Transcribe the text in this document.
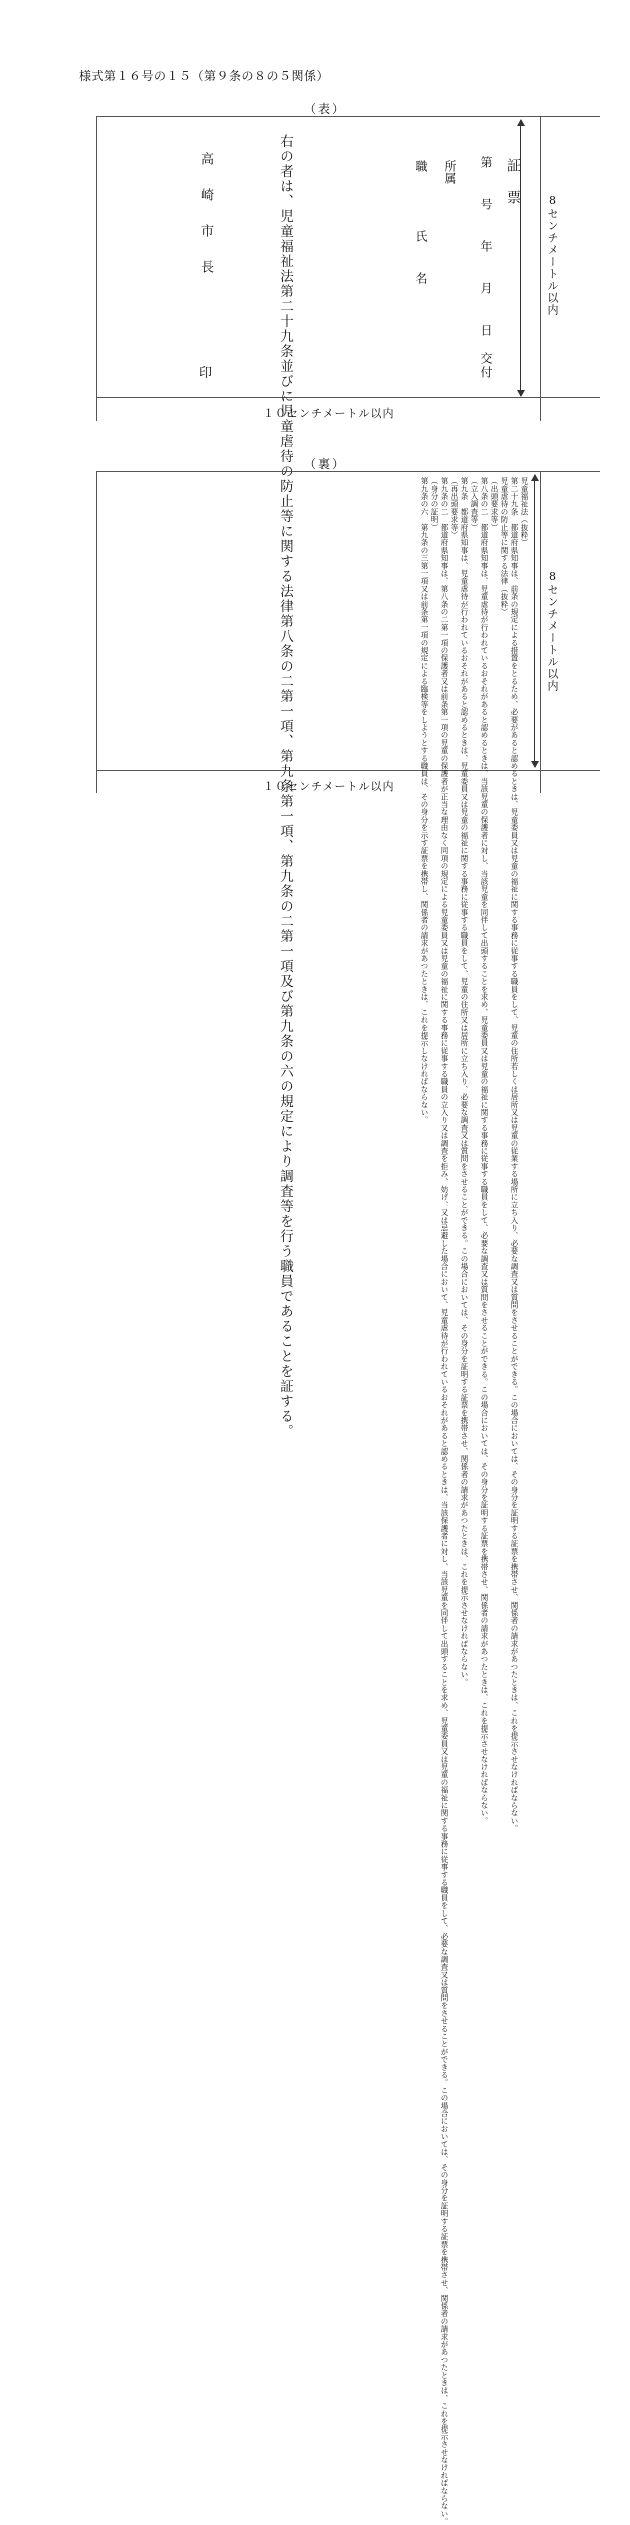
様式第１６号の１５（第９条の８の５関係）
（表）
8センチメートル以内
証　票
第　　号　　年　　月　　日　交付
所属
職　　　　氏　　名
右の者は、児童福祉法第二十九条並びに児童虐待の防止等に関する法律第八条の二第一項、第九条第一項、第九条の二第一項及び第九条の六の規定により調査等を行う職員であることを証する。
高　崎　市　長
印
１０センチメートル以内
（裏）
8センチメートル以内

児童福祉法（抜粋）

第二十九条　都道府県知事は、前条の規定による措置をとるため、必要があると認めるときは、児童委員又は児童の福祉に関する事務に従事する職員をして、児童の住所若しくは居所又は児童の従業する場所に立ち入り、必要な調査又は質問をさせることができる。この場合においては、その身分を証明する証票を携帯させ、関係者の請求があつたときは、これを提示させなければならない。

児童虐待の防止等に関する法律（抜粋）

（出頭要求等）

第八条の二　都道府県知事は、児童虐待が行われているおそれがあると認めるときは、当該児童の保護者に対し、当該児童を同伴して出頭することを求め、児童委員又は児童の福祉に関する事務に従事する職員をして、必要な調査又は質問をさせることができる。この場合においては、その身分を証明する証票を携帯させ、関係者の請求があつたときは、これを提示させなければならない。

（立入調査等）

第九条　都道府県知事は、児童虐待が行われているおそれがあると認めるときは、児童委員又は児童の福祉に関する事務に従事する職員をして、児童の住所又は居所に立ち入り、必要な調査又は質問をさせることができる。この場合においては、その身分を証明する証票を携帯させ、関係者の請求があつたときは、これを提示させなければならない。

（再出頭要求等）

第九条の二　都道府県知事は、第八条の二第一項の保護者又は前条第一項の児童の保護者が正当な理由なく同項の規定による児童委員又は児童の福祉に関する事務に従事する職員の立入り又は調査を拒み、妨げ、又は忌避した場合において、児童虐待が行われているおそれがあると認めるときは、当該保護者に対し、当該児童を同伴して出頭することを求め、児童委員又は児童の福祉に関する事務に従事する職員をして、必要な調査又は質問をさせることができる。この場合においては、その身分を証明する証票を携帯させ、関係者の請求があつたときは、これを提示させなければならない。

（身分の証明）

第九条の六　第九条の三第一項又は前条第一項の規定による臨検等をしようとする職員は、その身分を示す証票を携帯し、関係者の請求があつたときは、これを提示しなければならない。

１０センチメートル以内
